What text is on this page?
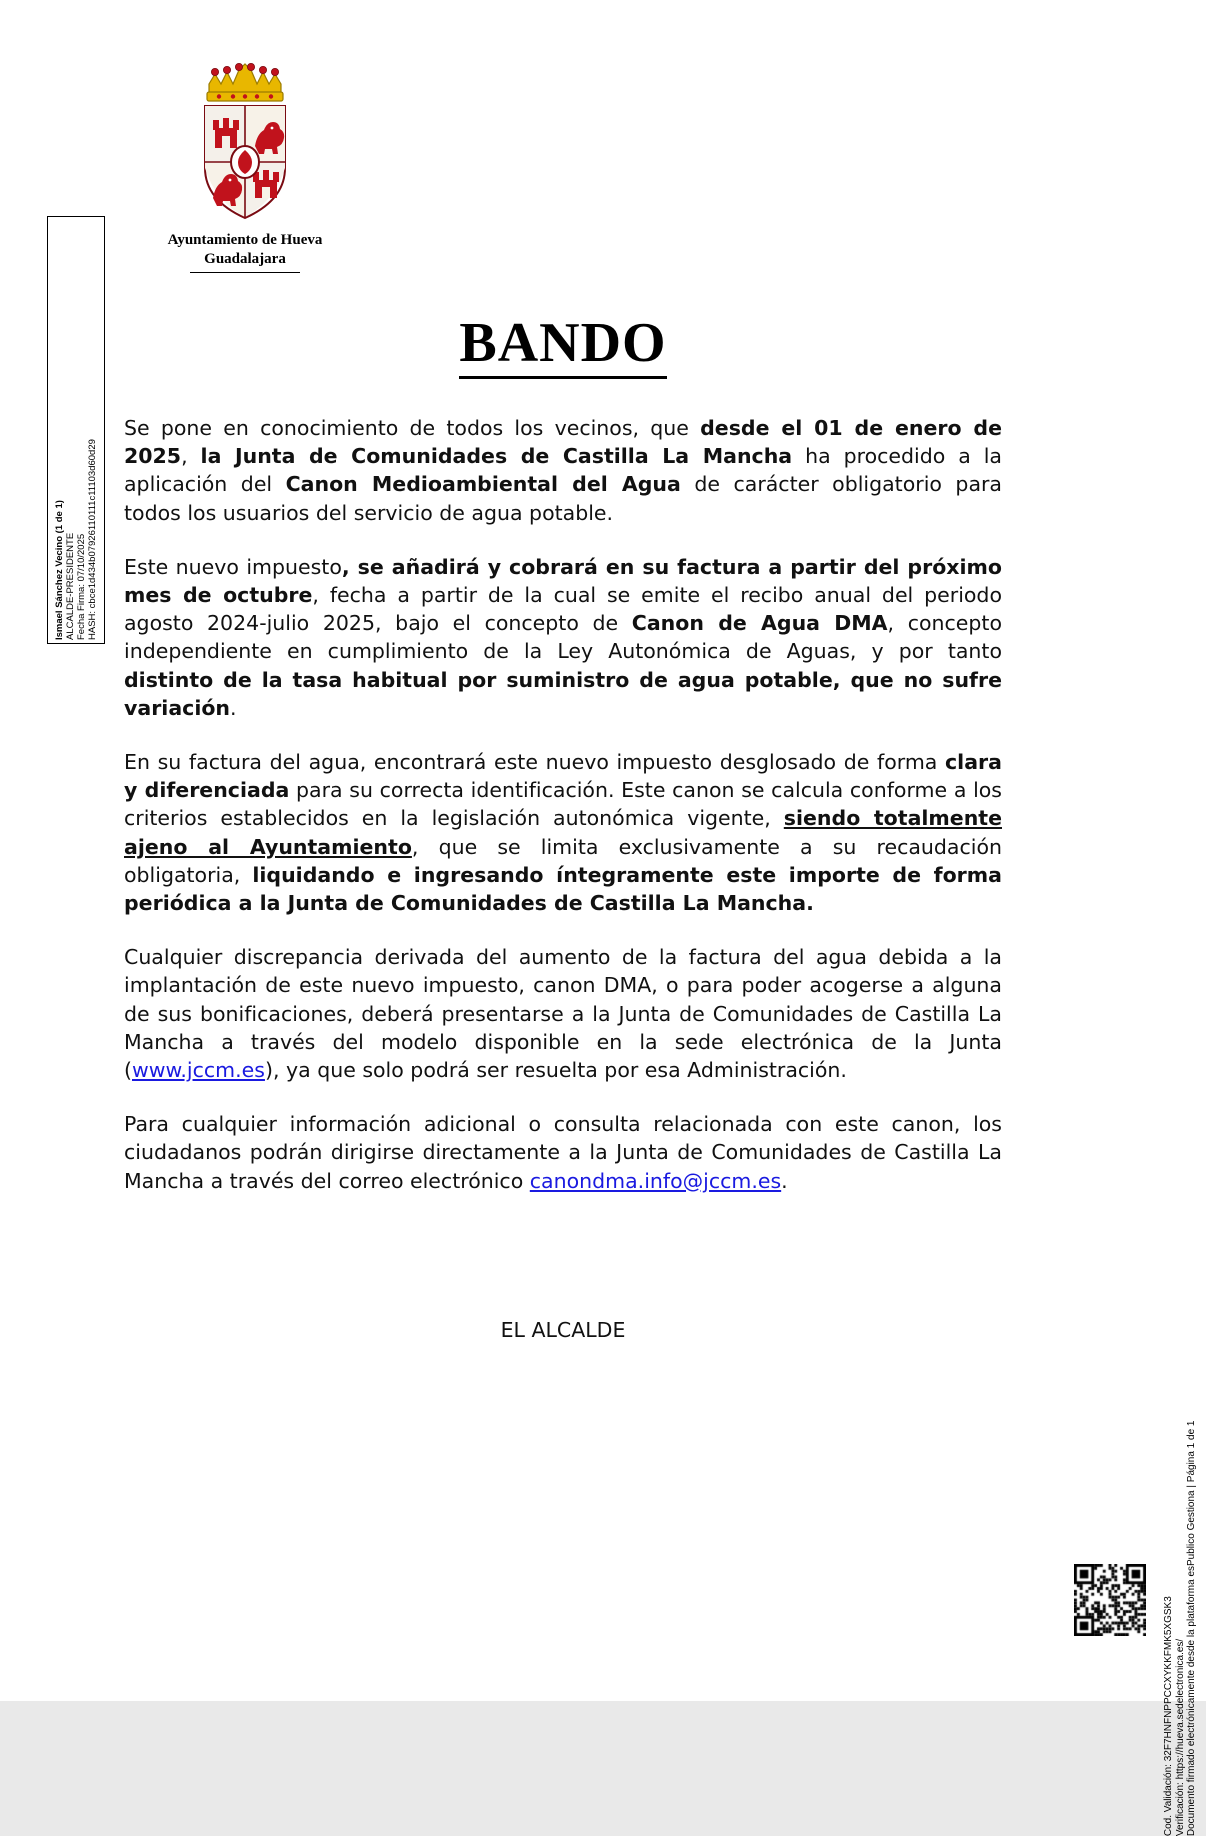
Ismael Sánchez Vecino (1 de 1) ALCALDE-PRESIDENTE Fecha Firma: 07/10/2025 HASH: cbce1d434b07926110111c11103d60d29
Ayuntamiento de Hueva
Guadalajara
BANDO

Se pone en conocimiento de todos los vecinos, que desde el 01 de enero de 2025, la Junta de Comunidades de Castilla La Mancha ha procedido a la aplicación del Canon Medioambiental del Agua de carácter obligatorio para todos los usuarios del servicio de agua potable.

Este nuevo impuesto, se añadirá y cobrará en su factura a partir del próximo mes de octubre, fecha a partir de la cual se emite el recibo anual del periodo agosto 2024-julio 2025, bajo el concepto de Canon de Agua DMA, concepto independiente en cumplimiento de la Ley Autonómica de Aguas, y por tanto distinto de la tasa habitual por suministro de agua potable, que no sufre variación.

En su factura del agua, encontrará este nuevo impuesto desglosado de forma clara y diferenciada para su correcta identificación. Este canon se calcula conforme a los criterios establecidos en la legislación autonómica vigente, siendo totalmente ajeno al Ayuntamiento, que se limita exclusivamente a su recaudación obligatoria, liquidando e ingresando íntegramente este importe de forma periódica a la Junta de Comunidades de Castilla La Mancha.

Cualquier discrepancia derivada del aumento de la factura del agua debida a la implantación de este nuevo impuesto, canon DMA, o para poder acogerse a alguna de sus bonificaciones, deberá presentarse a la Junta de Comunidades de Castilla La Mancha a través del modelo disponible en la sede electrónica de la Junta (www.jccm.es), ya que solo podrá ser resuelta por esa Administración.

Para cualquier información adicional o consulta relacionada con este canon, los ciudadanos podrán dirigirse directamente a la Junta de Comunidades de Castilla La Mancha a través del correo electrónico canondma.info@jccm.es.

EL ALCALDE
Cod. Validación: 32F7HNFNPPCCXYKKFMK5XGSK3 Verificación: https://hueva.sedelectronica.es/ Documento firmado electrónicamente desde la plataforma esPublico Gestiona | Página 1 de 1
